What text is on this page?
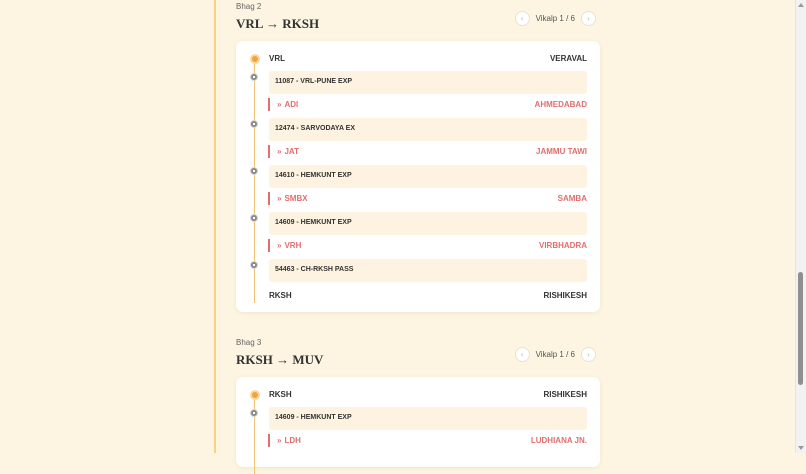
Bhag 2

VRL → RKSH	‹	Vikalp 1 / 6	›
VRL	VERAVAL
11087 - VRL-PUNE EXP
» ADI	AHMEDABAD
12474 - SARVODAYA EX
» JAT	JAMMU TAWI
14610 - HEMKUNT EXP
» SMBX	SAMBA
14609 - HEMKUNT EXP
» VRH	VIRBHADRA
54463 - CH-RKSH PASS
RKSH	RISHIKESH

Bhag 3

RKSH → MUV	‹	Vikalp 1 / 6	›
RKSH	RISHIKESH
14609 - HEMKUNT EXP
» LDH	LUDHIANA JN.
